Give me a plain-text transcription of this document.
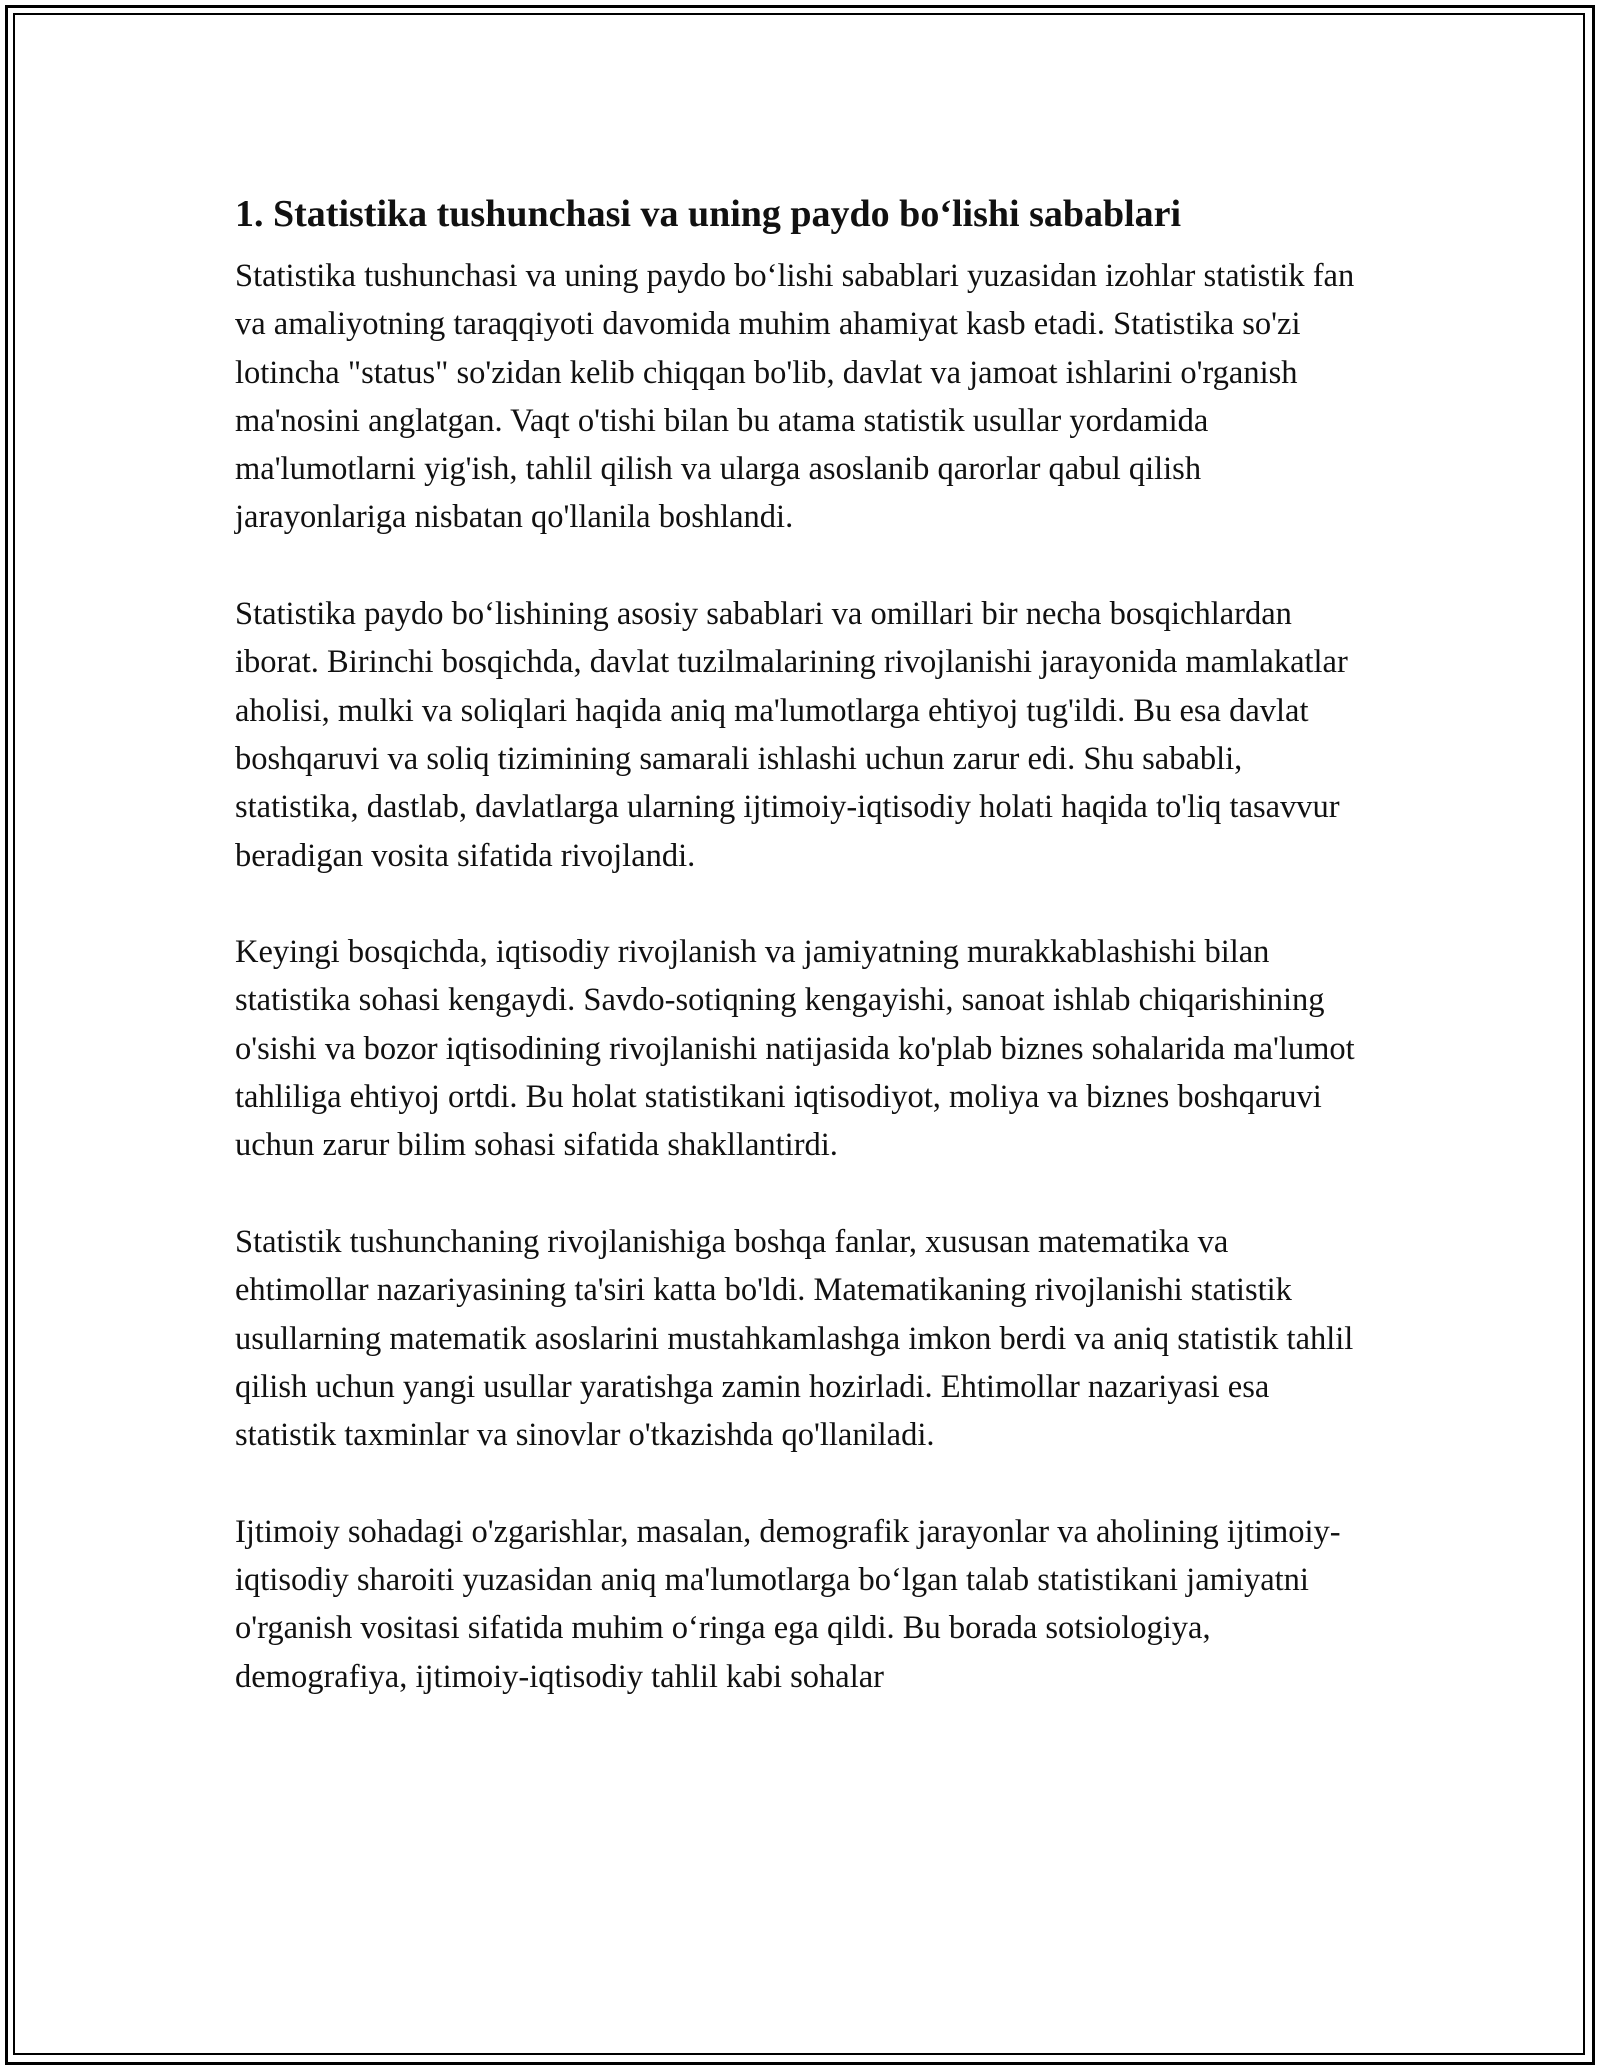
1. Statistika tushunchasi va uning paydo bo‘lishi sabablari

Statistika tushunchasi va uning paydo bo‘lishi sabablari yuzasidan izohlar statistik fan va amaliyotning taraqqiyoti davomida muhim ahamiyat kasb etadi. Statistika so'zi lotincha "status" so'zidan kelib chiqqan bo'lib, davlat va jamoat ishlarini o'rganish ma'nosini anglatgan. Vaqt o'tishi bilan bu atama statistik usullar yordamida ma'lumotlarni yig'ish, tahlil qilish va ularga asoslanib qarorlar qabul qilish jarayonlariga nisbatan qo'llanila boshlandi.

Statistika paydo bo‘lishining asosiy sabablari va omillari bir necha bosqichlardan iborat. Birinchi bosqichda, davlat tuzilmalarining rivojlanishi jarayonida mamlakatlar aholisi, mulki va soliqlari haqida aniq ma'lumotlarga ehtiyoj tug'ildi. Bu esa davlat boshqaruvi va soliq tizimining samarali ishlashi uchun zarur edi. Shu sababli, statistika, dastlab, davlatlarga ularning ijtimoiy-iqtisodiy holati haqida to'liq tasavvur beradigan vosita sifatida rivojlandi.

Keyingi bosqichda, iqtisodiy rivojlanish va jamiyatning murakkablashishi bilan statistika sohasi kengaydi. Savdo-sotiqning kengayishi, sanoat ishlab chiqarishining o'sishi va bozor iqtisodining rivojlanishi natijasida ko'plab biznes sohalarida ma'lumot tahliliga ehtiyoj ortdi. Bu holat statistikani iqtisodiyot, moliya va biznes boshqaruvi uchun zarur bilim sohasi sifatida shakllantirdi.

Statistik tushunchaning rivojlanishiga boshqa fanlar, xususan matematika va ehtimollar nazariyasining ta'siri katta bo'ldi. Matematikaning rivojlanishi statistik usullarning matematik asoslarini mustahkamlashga imkon berdi va aniq statistik tahlil qilish uchun yangi usullar yaratishga zamin hozirladi. Ehtimollar nazariyasi esa statistik taxminlar va sinovlar o'tkazishda qo'llaniladi.

Ijtimoiy sohadagi o'zgarishlar, masalan, demografik jarayonlar va aholining ijtimoiy-iqtisodiy sharoiti yuzasidan aniq ma'lumotlarga bo‘lgan talab statistikani jamiyatni o'rganish vositasi sifatida muhim o‘ringa ega qildi. Bu borada sotsiologiya, demografiya, ijtimoiy-iqtisodiy tahlil kabi sohalar
